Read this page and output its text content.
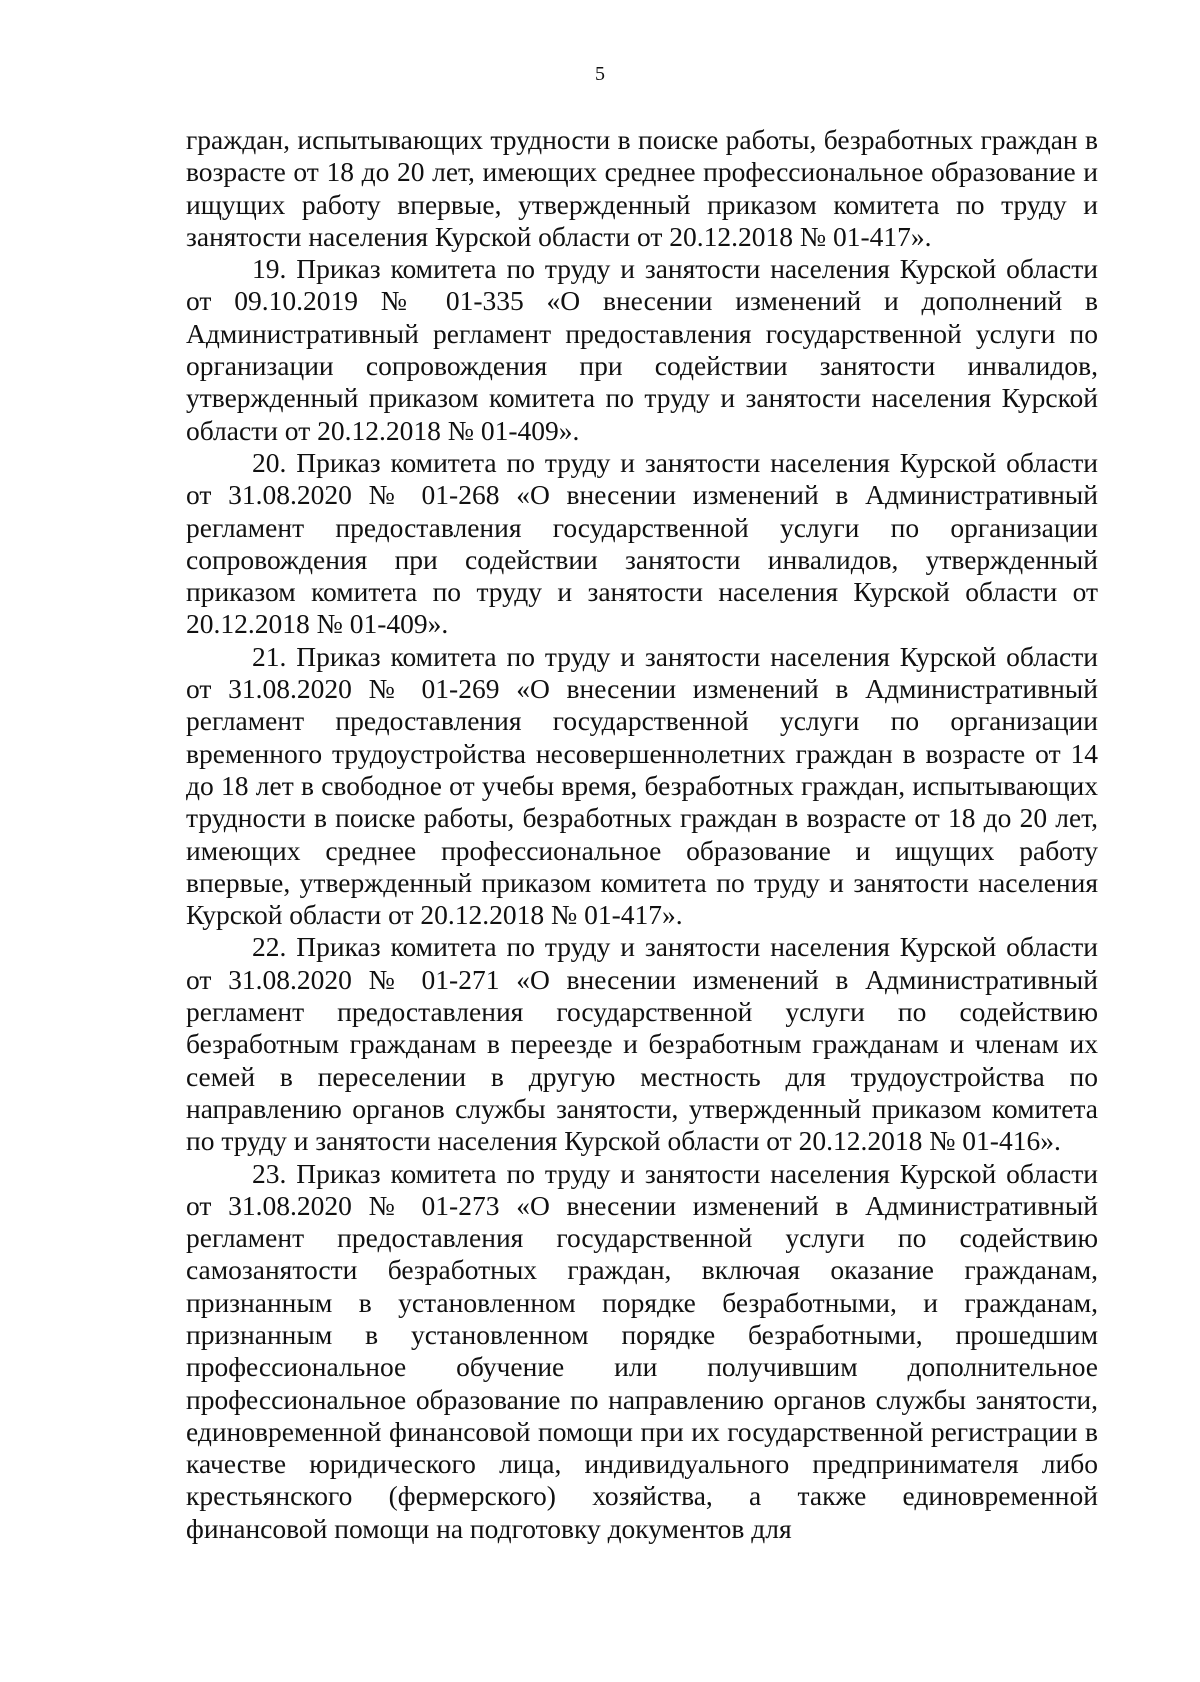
5

граждан, испытывающих трудности в поиске работы, безработных граждан в возрасте от 18 до 20 лет, имеющих среднее профессиональное образование и ищущих работу впервые, утвержденный приказом комитета по труду и занятости населения Курской области от 20.12.2018 № 01-417».

19. Приказ комитета по труду и занятости населения Курской области от 09.10.2019 № 01-335 «О внесении изменений и дополнений в Административный регламент предоставления государственной услуги по организации сопровождения при содействии занятости инвалидов, утвержденный приказом комитета по труду и занятости населения Курской области от 20.12.2018 № 01-409».

20. Приказ комитета по труду и занятости населения Курской области от 31.08.2020 № 01-268 «О внесении изменений в Административный регламент предоставления государственной услуги по организации сопровождения при содействии занятости инвалидов, утвержденный приказом комитета по труду и занятости населения Курской области от 20.12.2018 № 01-409».

21. Приказ комитета по труду и занятости населения Курской области от 31.08.2020 № 01-269 «О внесении изменений в Административный регламент предоставления государственной услуги по организации временного трудоустройства несовершеннолетних граждан в возрасте от 14 до 18 лет в свободное от учебы время, безработных граждан, испытывающих трудности в поиске работы, безработных граждан в возрасте от 18 до 20 лет, имеющих среднее профессиональное образование и ищущих работу впервые, утвержденный приказом комитета по труду и занятости населения Курской области от 20.12.2018 № 01-417».

22. Приказ комитета по труду и занятости населения Курской области от 31.08.2020 № 01-271 «О внесении изменений в Административный регламент предоставления государственной услуги по содействию безработным гражданам в переезде и безработным гражданам и членам их семей в переселении в другую местность для трудоустройства по направлению органов службы занятости, утвержденный приказом комитета по труду и занятости населения Курской области от 20.12.2018 № 01-416».

23. Приказ комитета по труду и занятости населения Курской области от 31.08.2020 № 01-273 «О внесении изменений в Административный регламент предоставления государственной услуги по содействию самозанятости безработных граждан, включая оказание гражданам, признанным в установленном порядке безработными, и гражданам, признанным в установленном порядке безработными, прошедшим профессиональное обучение или получившим дополнительное профессиональное образование по направлению органов службы занятости, единовременной финансовой помощи при их государственной регистрации в качестве юридического лица, индивидуального предпринимателя либо крестьянского (фермерского) хозяйства, а также единовременной финансовой помощи на подготовку документов для
